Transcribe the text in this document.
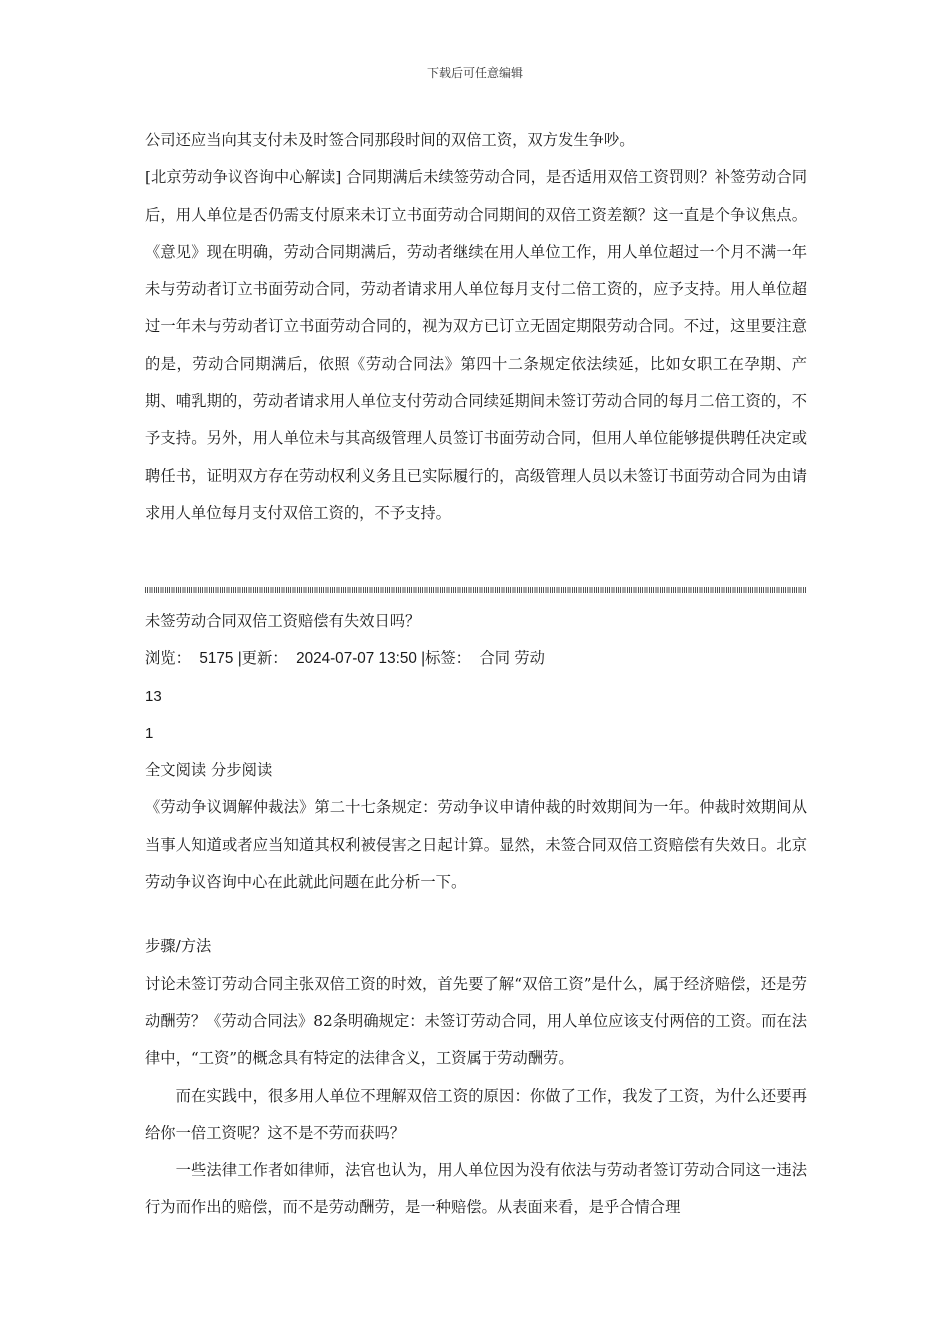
下载后可任意编辑

公司还应当向其支付未及时签合同那段时间的双倍工资，双方发生争吵。

[北京劳动争议咨询中心解读] 合同期满后未续签劳动合同，是否适用双倍工资罚则？补签劳动合同后，用人单位是否仍需支付原来未订立书面劳动合同期间的双倍工资差额？这一直是个争议焦点。《意见》现在明确，劳动合同期满后，劳动者继续在用人单位工作，用人单位超过一个月不满一年未与劳动者订立书面劳动合同，劳动者请求用人单位每月支付二倍工资的，应予支持。用人单位超过一年未与劳动者订立书面劳动合同的，视为双方已订立无固定期限劳动合同。不过，这里要注意的是，劳动合同期满后，依照《劳动合同法》第四十二条规定依法续延，比如女职工在孕期、产期、哺乳期的，劳动者请求用人单位支付劳动合同续延期间未签订劳动合同的每月二倍工资的，不予支持。另外，用人单位未与其高级管理人员签订书面劳动合同，但用人单位能够提供聘任决定或聘任书，证明双方存在劳动权利义务且已实际履行的，高级管理人员以未签订书面劳动合同为由请求用人单位每月支付双倍工资的，不予支持。

未签劳动合同双倍工资赔偿有失效日吗？

浏览： 5175 |更新： 2024-07-07 13:50 |标签： 合同 劳动

13

1

全文阅读 分步阅读

《劳动争议调解仲裁法》第二十七条规定：劳动争议申请仲裁的时效期间为一年。仲裁时效期间从当事人知道或者应当知道其权利被侵害之日起计算。显然，未签合同双倍工资赔偿有失效日。北京劳动争议咨询中心在此就此问题在此分析一下。

步骤/方法

讨论未签订劳动合同主张双倍工资的时效，首先要了解“双倍工资”是什么，属于经济赔偿，还是劳动酬劳？《劳动合同法》82条明确规定：未签订劳动合同，用人单位应该支付两倍的工资。而在法律中，“工资”的概念具有特定的法律含义，工资属于劳动酬劳。

而在实践中，很多用人单位不理解双倍工资的原因：你做了工作，我发了工资，为什么还要再给你一倍工资呢？这不是不劳而获吗？

一些法律工作者如律师，法官也认为，用人单位因为没有依法与劳动者签订劳动合同这一违法行为而作出的赔偿，而不是劳动酬劳，是一种赔偿。从表面来看，是乎合情合理
